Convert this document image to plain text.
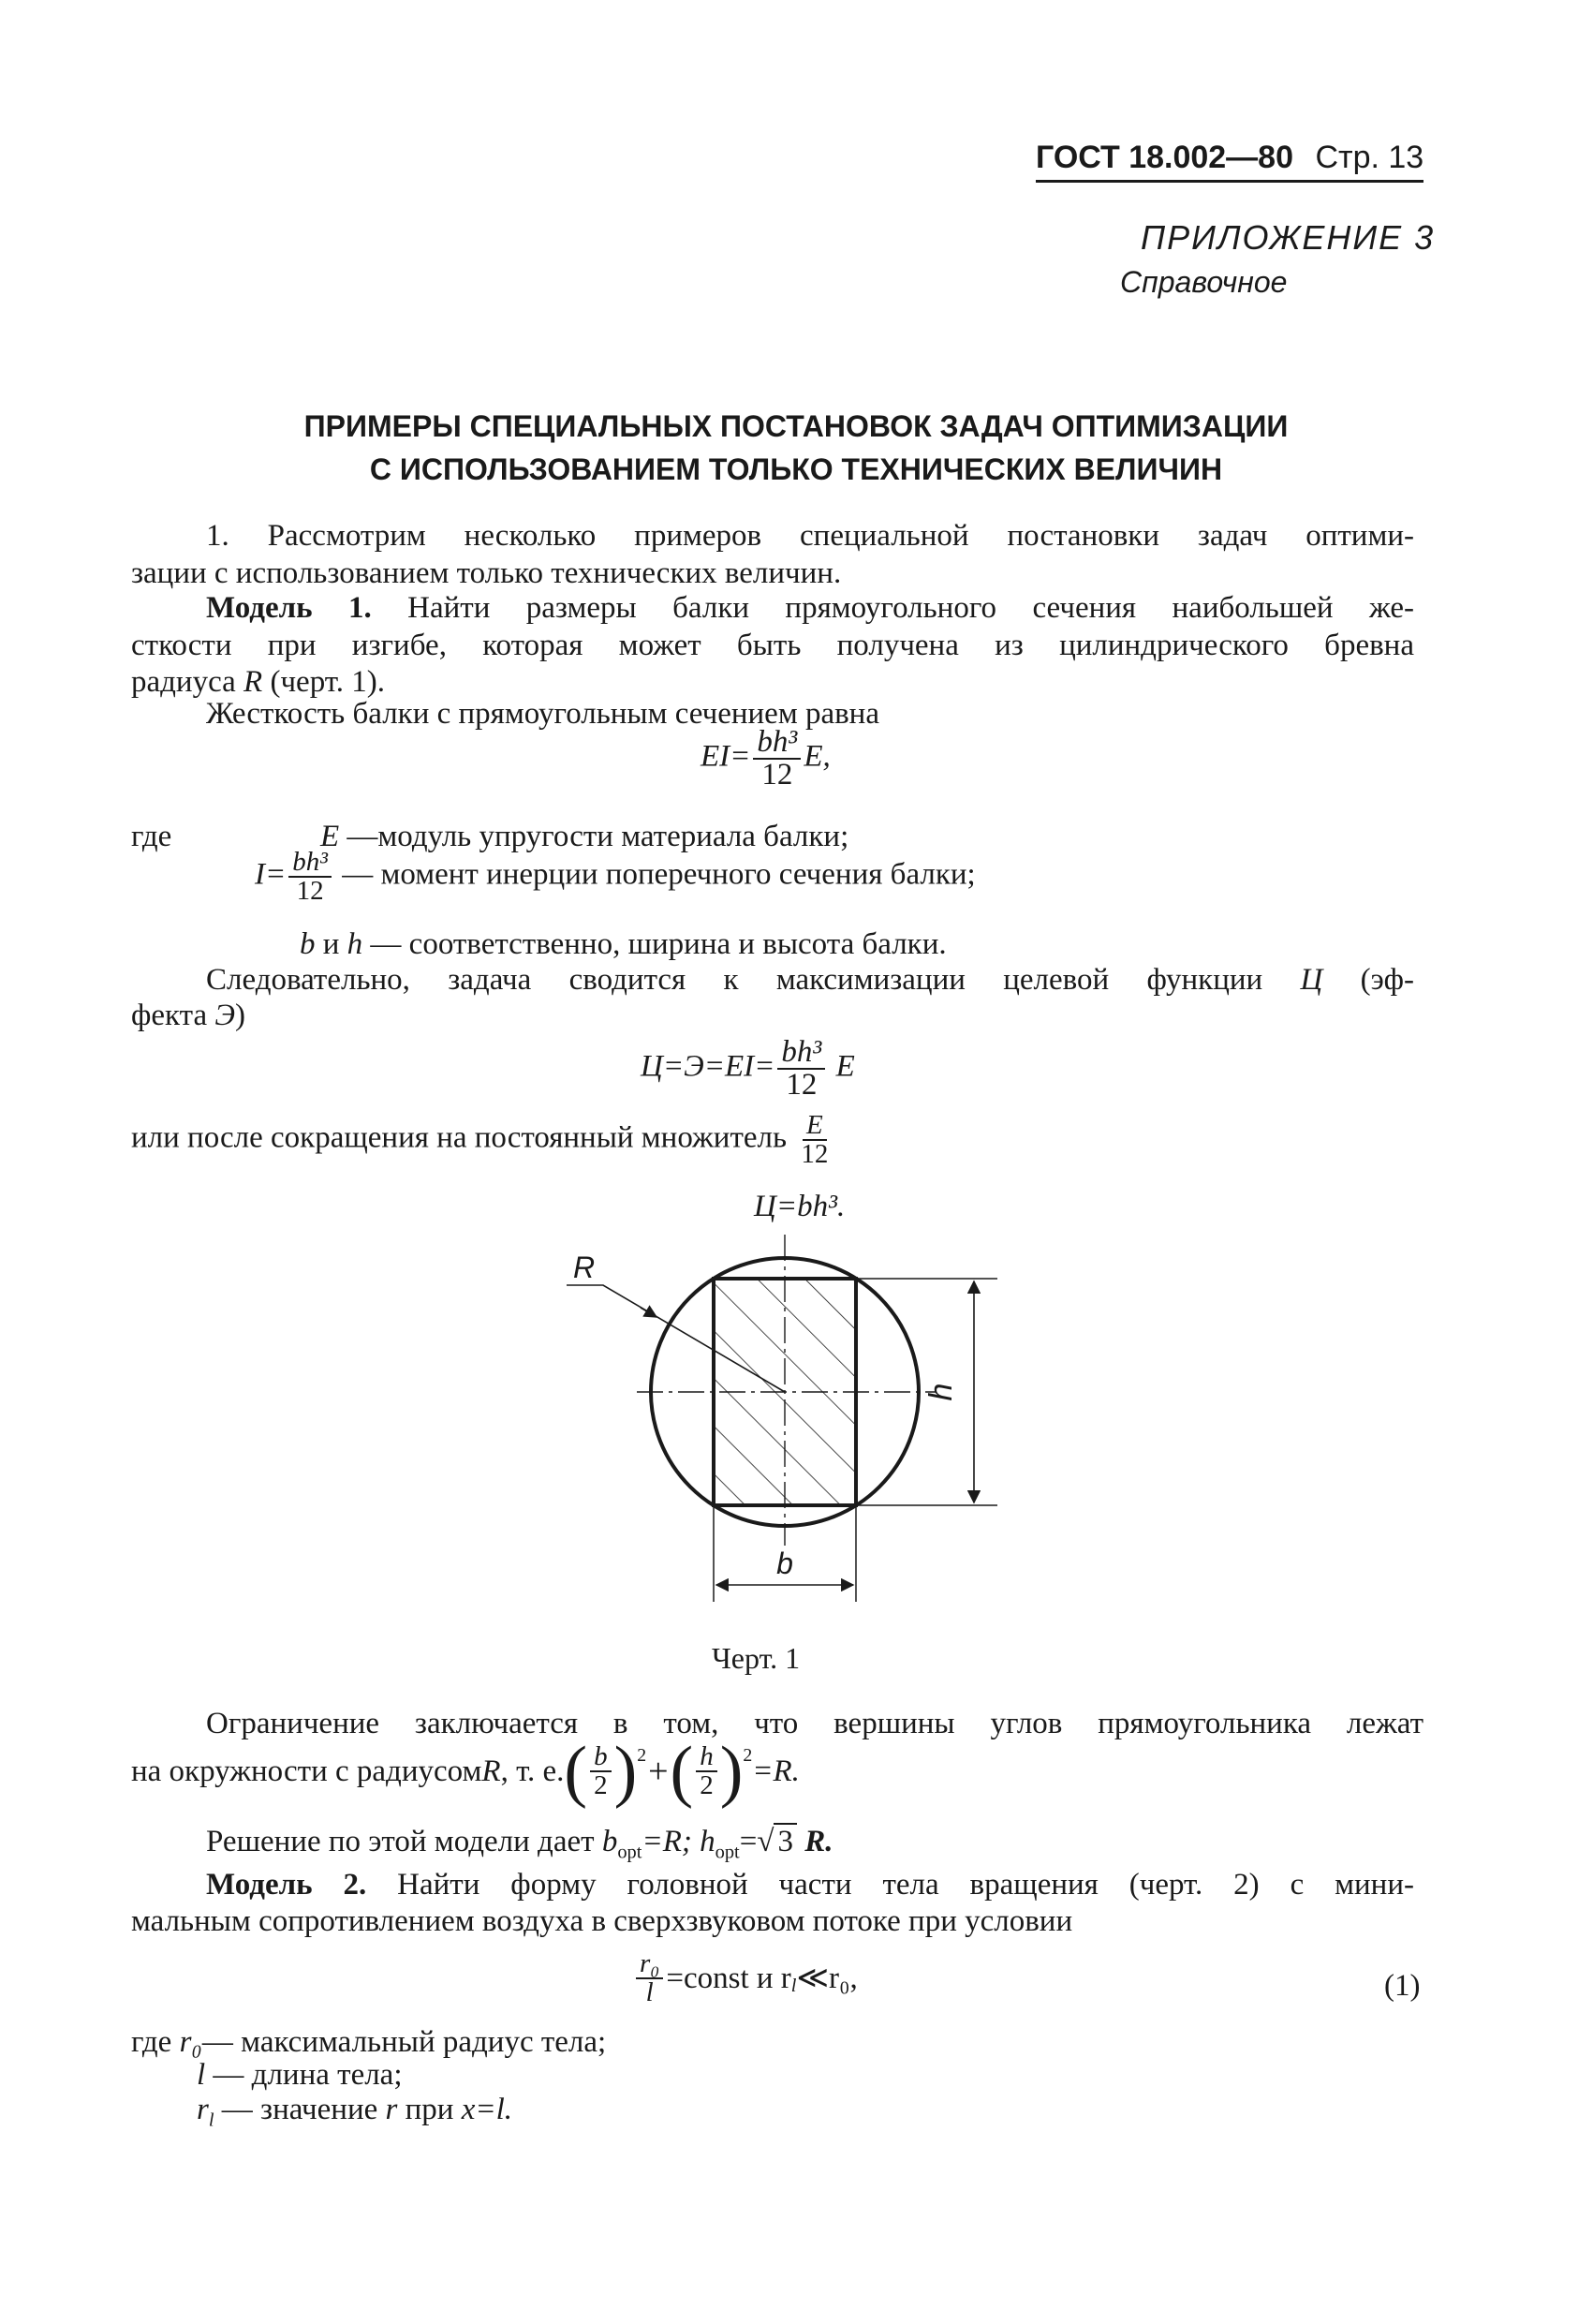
ГОСТ 18.002—80 Стр. 13
ПРИЛОЖЕНИЕ 3
Справочное
ПРИМЕРЫ СПЕЦИАЛЬНЫХ ПОСТАНОВОК ЗАДАЧ ОПТИМИЗАЦИИ
С ИСПОЛЬЗОВАНИЕМ ТОЛЬКО ТЕХНИЧЕСКИХ ВЕЛИЧИН
1. Рассмотрим несколько примеров специальной постановки задач оптими-
зации с использованием только технических величин.
Модель 1. Найти размеры балки прямоугольного сечения наибольшей же-
сткости при изгибе, которая может быть получена из цилиндрического бревна
радиуса R (черт. 1).
Жесткость балки с прямоугольным сечением равна
$EI= \frac{\text{bh³}}{12} E$,
где	E —модуль упругости материала балки;
$I= \frac{\text{bh³}}{12}$ — момент инерции поперечного сечения балки;
b и h — соответственно, ширина и высота балки.
Следовательно, задача сводится к максимизации целевой функции Ц (эф-
фекта Э)
$Ц=Э=EI= \frac{\text{bh³}}{12}$ E
или после сокращения на постоянный множитель $\frac{E}{12}$
Ц=bh³.
R
h
b
Черт. 1
Ограничение заключается в том, что вершины углов прямоугольника лежат
на окружности с радиусом R , т. е. ( $\frac{b}{2} )^2$ + ( $\frac{h}{2} )^2 =R$.
Решение по этой модели дает $b_{opt}=R$; $h_{opt}=√$ 3 R.
Модель 2. Найти форму головной части тела вращения (черт. 2) с мини-
мальным сопротивлением воздуха в сверхзвуковом потоке при условии
$\frac{\text{r₀}}{l}$ =const и $r_l$ ≪r₀,	(1)
где r₀— максимальный радиус тела;
l — длина тела;
$r_l$ — значение r при x=l.
